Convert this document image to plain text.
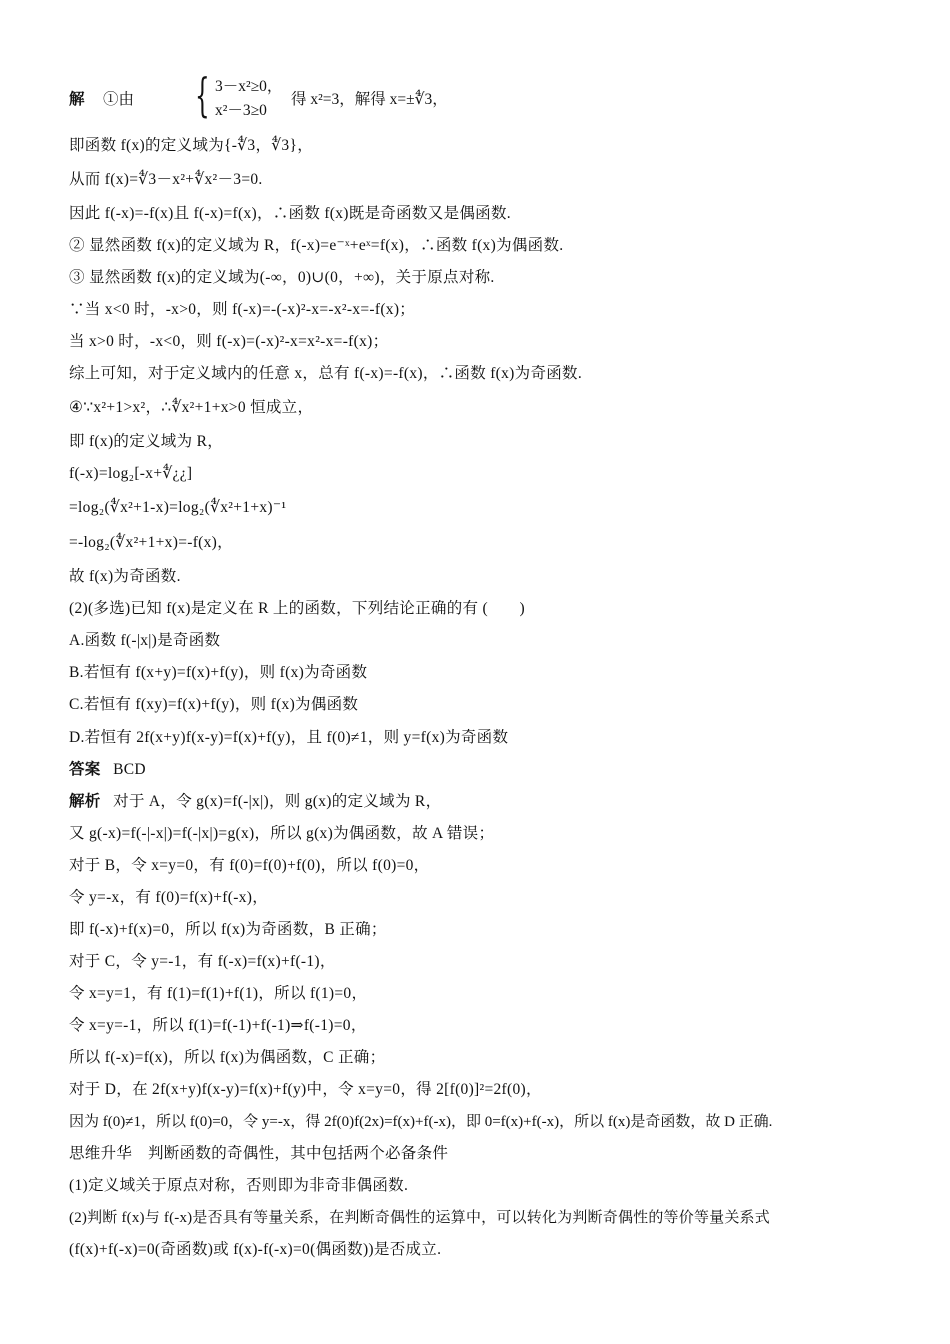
解 ①由 { 3－x²≥0，
x²－3≥0
得 x²=3，解得 x=±∜3，
即函数 f(x)的定义域为{-∜3，∜3}，
从而 f(x)=∜3－x²+∜x²－3=0.
因此 f(-x)=-f(x)且 f(-x)=f(x)，∴函数 f(x)既是奇函数又是偶函数.
② 显然函数 f(x)的定义域为 R，f(-x)=e⁻ˣ+eˣ=f(x)，∴函数 f(x)为偶函数.
③ 显然函数 f(x)的定义域为(-∞，0)∪(0，+∞)，关于原点对称.
∵当 x<0 时，-x>0，则 f(-x)=-(-x)²-x=-x²-x=-f(x)；
当 x>0 时，-x<0，则 f(-x)=(-x)²-x=x²-x=-f(x)；
综上可知，对于定义域内的任意 x，总有 f(-x)=-f(x)，∴函数 f(x)为奇函数.
④∵x²+1>x²，∴∜x²+1+x>0 恒成立，
即 f(x)的定义域为 R，
f(-x)=log₂[-x+∜¿¿]
=log₂(∜x²+1-x)=log₂(∜x²+1+x)⁻¹
=-log₂(∜x²+1+x)=-f(x)，
故 f(x)为奇函数.
(2)(多选)已知 f(x)是定义在 R 上的函数，下列结论正确的有 (　　)
A.函数 f(-|x|)是奇函数
B.若恒有 f(x+y)=f(x)+f(y)，则 f(x)为奇函数
C.若恒有 f(xy)=f(x)+f(y)，则 f(x)为偶函数
D.若恒有 2f(x+y)f(x-y)=f(x)+f(y)，且 f(0)≠1，则 y=f(x)为奇函数
答案 BCD
解析 对于 A，令 g(x)=f(-|x|)，则 g(x)的定义域为 R，
又 g(-x)=f(-|-x|)=f(-|x|)=g(x)，所以 g(x)为偶函数，故 A 错误；
对于 B，令 x=y=0，有 f(0)=f(0)+f(0)，所以 f(0)=0，
令 y=-x，有 f(0)=f(x)+f(-x)，
即 f(-x)+f(x)=0，所以 f(x)为奇函数，B 正确；
对于 C，令 y=-1，有 f(-x)=f(x)+f(-1)，
令 x=y=1，有 f(1)=f(1)+f(1)，所以 f(1)=0，
令 x=y=-1，所以 f(1)=f(-1)+f(-1)⇒f(-1)=0，
所以 f(-x)=f(x)，所以 f(x)为偶函数，C 正确；
对于 D，在 2f(x+y)f(x-y)=f(x)+f(y)中，令 x=y=0，得 2[f(0)]²=2f(0)，
因为 f(0)≠1，所以 f(0)=0，令 y=-x，得 2f(0)f(2x)=f(x)+f(-x)，即 0=f(x)+f(-x)，所以 f(x)是奇函数，故 D 正确.
思维升华　判断函数的奇偶性，其中包括两个必备条件
(1)定义域关于原点对称，否则即为非奇非偶函数.
(2)判断 f(x)与 f(-x)是否具有等量关系，在判断奇偶性的运算中，可以转化为判断奇偶性的等价等量关系式
(f(x)+f(-x)=0(奇函数)或 f(x)-f(-x)=0(偶函数))是否成立.
